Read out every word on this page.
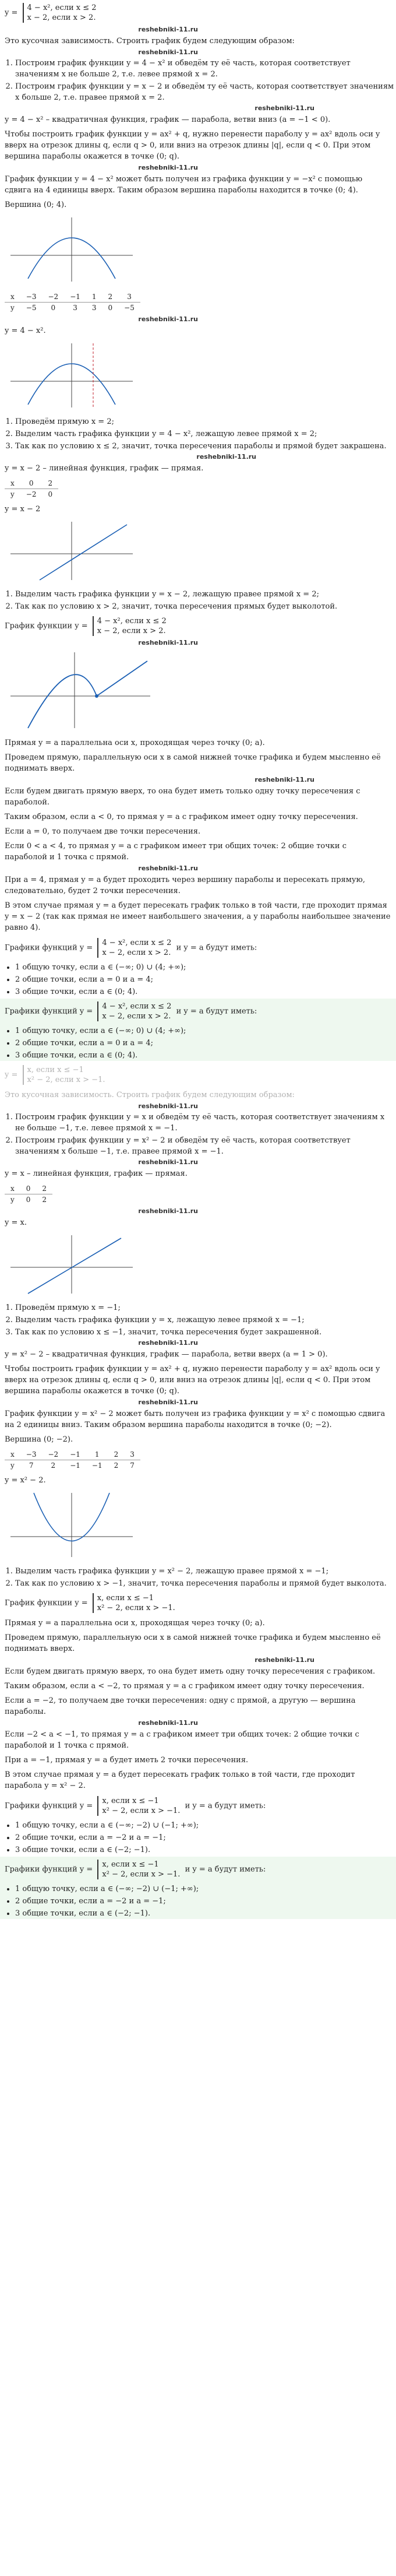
y = 4 − x², если x ≤ 2
x − 2, если x > 2.
reshebniki-11.ru
Это кусочная зависимость. Строить график будем следующим образом:
reshebniki-11.ru
1. Построим график функции y = 4 − x² и обведём ту её часть, которая соответствует значениям x не больше 2, т.е. левее прямой x = 2.
2. Построим график функции y = x − 2 и обведём ту её часть, которая соответствует значениям x больше 2, т.е. правее прямой x = 2.
reshebniki-11.ru
y = 4 − x² – квадратичная функция, график — парабола, ветви вниз (a = −1 < 0).
Чтобы построить график функции y = ax² + q, нужно перенести параболу y = ax² вдоль оси y вверх на отрезок длины q, если q > 0, или вниз на отрезок длины |q|, если q < 0. При этом вершина параболы окажется в точке (0; q).
reshebniki-11.ru
График функции y = 4 − x² может быть получен из графика функции y = −x² с помощью сдвига на 4 единицы вверх. Таким образом вершина параболы находится в точке (0; 4).
Вершина (0; 4).
x	−3	−2	−1	1	2	3
y	−5	0	3	3	0	−5
reshebniki-11.ru
y = 4 − x².
1. Проведём прямую x = 2;
2. Выделим часть графика функции y = 4 − x², лежащую левее прямой x = 2;
3. Так как по условию x ≤ 2, значит, точка пересечения параболы и прямой будет закрашена.
reshebniki-11.ru
y = x − 2 – линейная функция, график — прямая.
x	0	2
y	−2	0
y = x − 2
1. Выделим часть графика функции y = x − 2, лежащую правее прямой x = 2;
2. Так как по условию x > 2, значит, точка пересечения прямых будет выколотой.
График функции y = 4 − x², если x ≤ 2
x − 2, если x > 2.
reshebniki-11.ru
Прямая y = a параллельна оси x, проходящая через точку (0; a).
Проведем прямую, параллельную оси x в самой нижней точке графика и будем мысленно её поднимать вверх.
reshebniki-11.ru
Если будем двигать прямую вверх, то она будет иметь только одну точку пересечения с параболой.
Таким образом, если a < 0, то прямая y = a с графиком имеет одну точку пересечения.
Если a = 0, то получаем две точки пересечения.
Если 0 < a < 4, то прямая y = a с графиком имеет три общих точек: 2 общие точки с параболой и 1 точка с прямой.
reshebniki-11.ru
При a = 4, прямая y = a будет проходить через вершину параболы и пересекать прямую, следовательно, будет 2 точки пересечения.
В этом случае прямая y = a будет пересекать график только в той части, где проходит прямая y = x − 2 (так как прямая не имеет наибольшего значения, а у параболы наибольшее значение равно 4).
Графики функций y = 4 − x², если x ≤ 2
x − 2, если x > 2. и y = a будут иметь:
• 1 общую точку, если a ∈ (−∞; 0) ∪ (4; +∞);
• 2 общие точки, если a = 0 и a = 4;
• 3 общие точки, если a ∈ (0; 4).
Графики функций y = 4 − x², если x ≤ 2
x − 2, если x > 2. и y = a будут иметь:
• 1 общую точку, если a ∈ (−∞; 0) ∪ (4; +∞);
• 2 общие точки, если a = 0 и a = 4;
• 3 общие точки, если a ∈ (0; 4).
y = x, если x ≤ −1
x² − 2, если x > −1.
Это кусочная зависимость. Строить график будем следующим образом:
reshebniki-11.ru
1. Построим график функции y = x и обведём ту её часть, которая соответствует значениям x не больше −1, т.е. левее прямой x = −1.
2. Построим график функции y = x² − 2 и обведём ту её часть, которая соответствует значениям x больше −1, т.е. правее прямой x = −1.
reshebniki-11.ru
y = x – линейная функция, график — прямая.
x	0	2
y	0	2
reshebniki-11.ru
y = x.
1. Проведём прямую x = −1;
2. Выделим часть графика функции y = x, лежащую левее прямой x = −1;
3. Так как по условию x ≤ −1, значит, точка пересечения будет закрашенной.
reshebniki-11.ru
y = x² − 2 – квадратичная функция, график — парабола, ветви вверх (a = 1 > 0).
Чтобы построить график функции y = ax² + q, нужно перенести параболу y = ax² вдоль оси y вверх на отрезок длины q, если q > 0, или вниз на отрезок длины |q|, если q < 0. При этом вершина параболы окажется в точке (0; q).
reshebniki-11.ru
График функции y = x² − 2 может быть получен из графика функции y = x² с помощью сдвига на 2 единицы вниз. Таким образом вершина параболы находится в точке (0; −2).
Вершина (0; −2).
x	−3	−2	−1	1	2	3
y	7	2	−1	−1	2	7
y = x² − 2.
1. Выделим часть графика функции y = x² − 2, лежащую правее прямой x = −1;
2. Так как по условию x > −1, значит, точка пересечения параболы и прямой будет выколота.
График функции y = x, если x ≤ −1
x² − 2, если x > −1.
Прямая y = a параллельна оси x, проходящая через точку (0; a).
Проведем прямую, параллельную оси x в самой нижней точке графика и будем мысленно её поднимать вверх.
reshebniki-11.ru
Если будем двигать прямую вверх, то она будет иметь одну точку пересечения с графиком.
Таким образом, если a < −2, то прямая y = a с графиком имеет одну точку пересечения.
Если a = −2, то получаем две точки пересечения: одну с прямой, а другую — вершина параболы.
reshebniki-11.ru
Если −2 < a < −1, то прямая y = a с графиком имеет три общих точек: 2 общие точки с параболой и 1 точка с прямой.
При a = −1, прямая y = a будет иметь 2 точки пересечения.
В этом случае прямая y = a будет пересекать график только в той части, где проходит парабола y = x² − 2.
Графики функций y = x, если x ≤ −1
x² − 2, если x > −1. и y = a будут иметь:
• 1 общую точку, если a ∈ (−∞; −2) ∪ (−1; +∞);
• 2 общие точки, если a = −2 и a = −1;
• 3 общие точки, если a ∈ (−2; −1).
Графики функций y = x, если x ≤ −1
x² − 2, если x > −1. и y = a будут иметь:
• 1 общую точку, если a ∈ (−∞; −2) ∪ (−1; +∞);
• 2 общие точки, если a = −2 и a = −1;
• 3 общие точки, если a ∈ (−2; −1).
